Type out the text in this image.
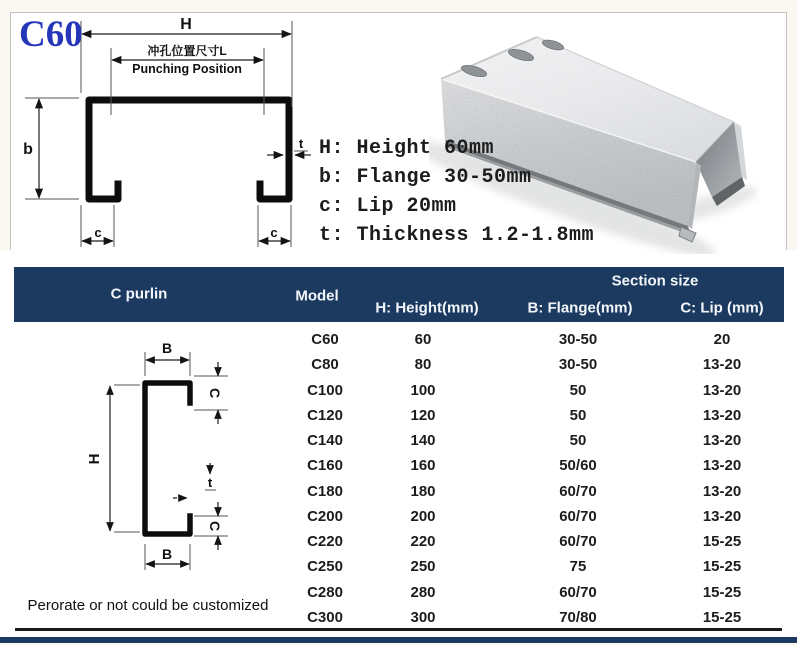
H
冲孔位置尺寸L
Punching Position
b
c	c
t
C60
H: Height 60mm
b: Flange 30-50mm
c: Lip 20mm
t: Thickness 1.2-1.8mm
C purlin	Model
Section size
H: Height(mm)	B: Flange(mm)	C: Lip (mm)
C60	60	30-50	20
C80	80	30-50	13-20
C100	100	50	13-20
C120	120	50	13-20
C140	140	50	13-20
C160	160	50/60	13-20
C180	180	60/70	13-20
C200	200	60/70	13-20
C220	220	60/70	15-25
C250	250	75	15-25
C280	280	60/70	15-25
C300	300	70/80	15-25
B
C
H
t
C
B
Perorate or not could be customized
